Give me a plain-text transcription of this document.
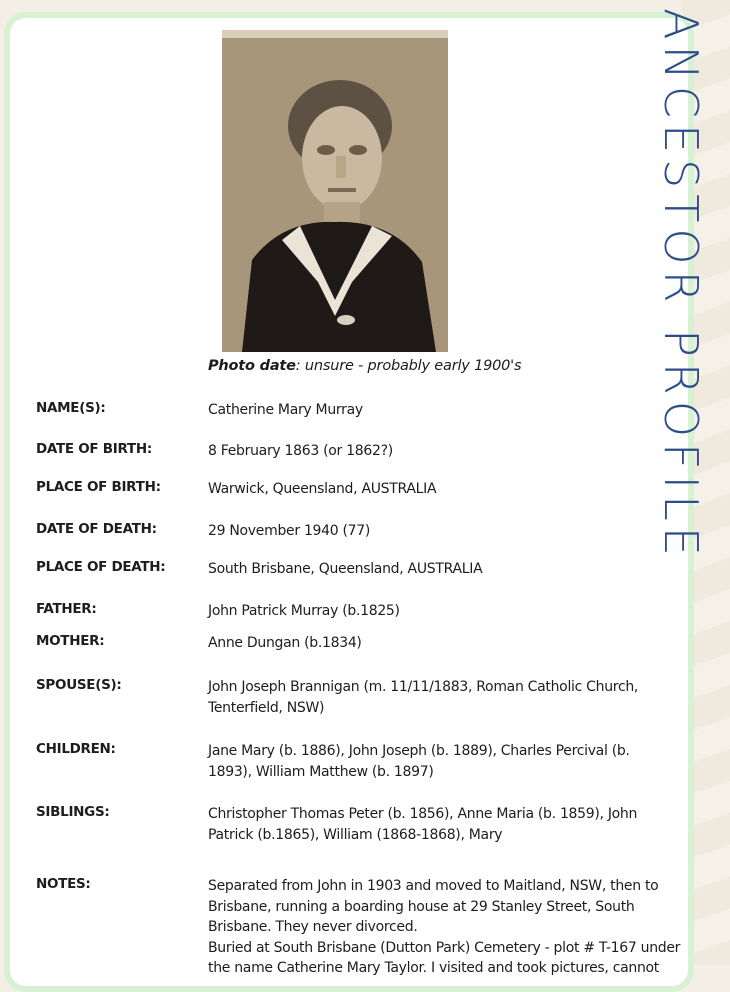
Photo date: unsure - probably early 1900's	ANCESTOR PROFILE
NAME(S):	Catherine Mary Murray
DATE OF BIRTH:	8 February 1863 (or 1862?)
PLACE OF BIRTH:	Warwick, Queensland, AUSTRALIA
DATE OF DEATH:	29 November 1940 (77)
PLACE OF DEATH:	South Brisbane, Queensland, AUSTRALIA
FATHER:	John Patrick Murray (b.1825)
MOTHER:	Anne Dungan (b.1834)
SPOUSE(S):	John Joseph Brannigan (m. 11/11/1883, Roman Catholic Church,
Tenterfield, NSW)
CHILDREN:	Jane Mary (b. 1886), John Joseph (b. 1889), Charles Percival (b.
1893), William Matthew (b. 1897)
SIBLINGS:	Christopher Thomas Peter (b. 1856), Anne Maria (b. 1859), John
Patrick (b.1865), William (1868-1868), Mary
NOTES:	Separated from John in 1903 and moved to Maitland, NSW, then to
Brisbane, running a boarding house at 29 Stanley Street, South
Brisbane. They never divorced.
Buried at South Brisbane (Dutton Park) Cemetery - plot # T-167 under
the name Catherine Mary Taylor. I visited and took pictures, cannot
